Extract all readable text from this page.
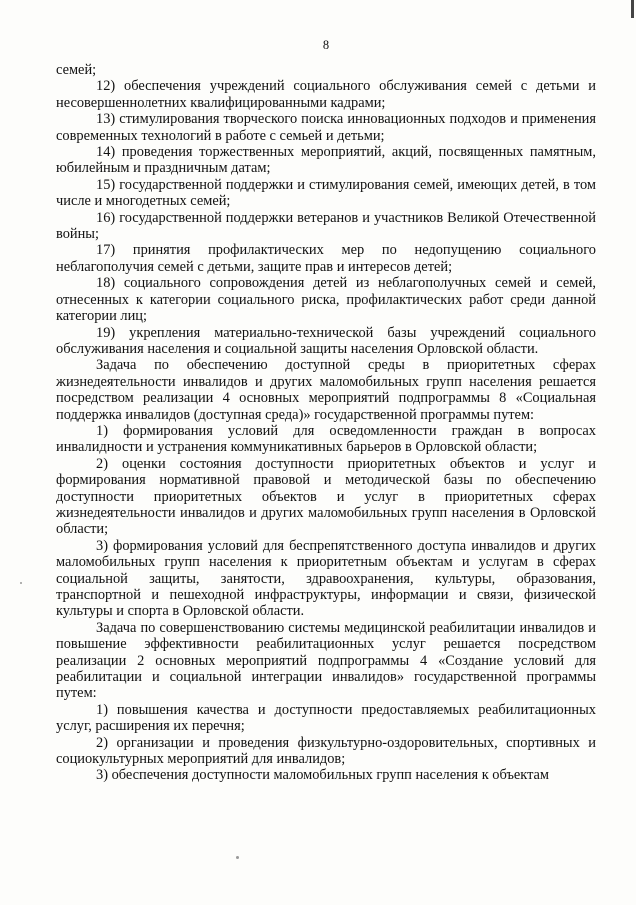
8

семей;

12) обеспечения учреждений социального обслуживания семей с детьми и несовершеннолетних квалифицированными кадрами;

13) стимулирования творческого поиска инновационных подходов и применения современных технологий в работе с семьей и детьми;

14) проведения торжественных мероприятий, акций, посвященных памятным, юбилейным и праздничным датам;

15) государственной поддержки и стимулирования семей, имеющих детей, в том числе и многодетных семей;

16) государственной поддержки ветеранов и участников Великой Отечественной войны;

17) принятия профилактических мер по недопущению социального неблагополучия семей с детьми, защите прав и интересов детей;

18) социального сопровождения детей из неблагополучных семей и семей, отнесенных к категории социального риска, профилактических работ среди данной категории лиц;

19) укрепления материально-технической базы учреждений социального обслуживания населения и социальной защиты населения Орловской области.

Задача по обеспечению доступной среды в приоритетных сферах жизнедеятельности инвалидов и других маломобильных групп населения решается посредством реализации 4 основных мероприятий подпрограммы 8 «Социальная поддержка инвалидов (доступная среда)» государственной программы путем:

1) формирования условий для осведомленности граждан в вопросах инвалидности и устранения коммуникативных барьеров в Орловской области;

2) оценки состояния доступности приоритетных объектов и услуг и формирования нормативной правовой и методической базы по обеспечению доступности приоритетных объектов и услуг в приоритетных сферах жизнедеятельности инвалидов и других маломобильных групп населения в Орловской области;

3) формирования условий для беспрепятственного доступа инвалидов и других маломобильных групп населения к приоритетным объектам и услугам в сферах социальной защиты, занятости, здравоохранения, культуры, образования, транспортной и пешеходной инфраструктуры, информации и связи, физической культуры и спорта в Орловской области.

Задача по совершенствованию системы медицинской реабилитации инвалидов и повышение эффективности реабилитационных услуг решается посредством реализации 2 основных мероприятий подпрограммы 4 «Создание условий для реабилитации и социальной интеграции инвалидов» государственной программы путем:

1) повышения качества и доступности предоставляемых реабилитационных услуг, расширения их перечня;

2) организации и проведения физкультурно-оздоровительных, спортивных и социокультурных мероприятий для инвалидов;

3) обеспечения доступности маломобильных групп населения к объектам
